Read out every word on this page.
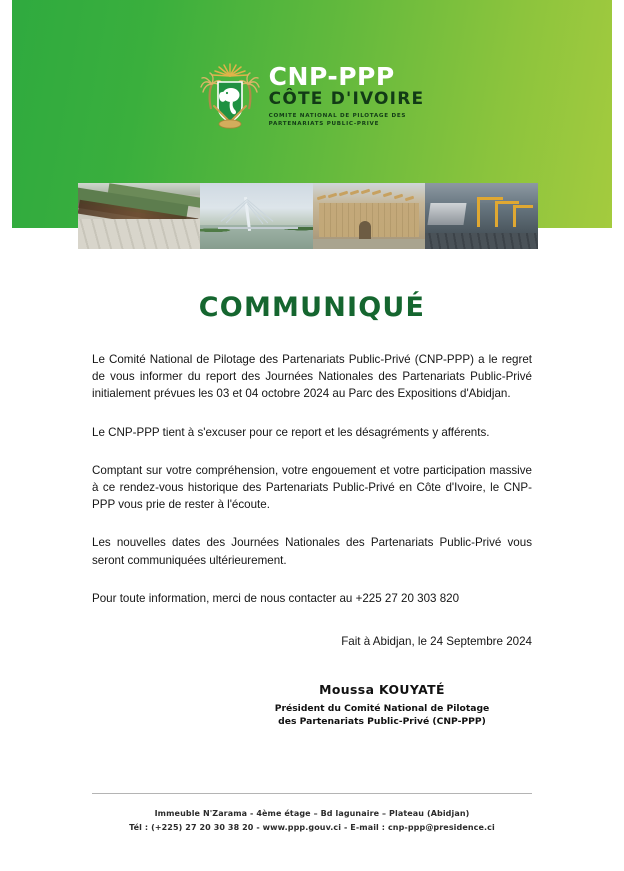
CNP-PPP
CÔTE D'IVOIRE
COMITE NATIONAL DE PILOTAGE DES
PARTENARIATS PUBLIC-PRIVE
COMMUNIQUÉ

Le Comité National de Pilotage des Partenariats Public-Privé (CNP-PPP) a le regret de vous informer du report des Journées Nationales des Partenariats Public-Privé initialement prévues les 03 et 04 octobre 2024 au Parc des Expositions d'Abidjan.

Le CNP-PPP tient à s'excuser pour ce report et les désagréments y afférents.

Comptant sur votre compréhension, votre engouement et votre participation massive à ce rendez-vous historique des Partenariats Public-Privé en Côte d'Ivoire, le CNP-PPP vous prie de rester à l'écoute.

Les nouvelles dates des Journées Nationales des Partenariats Public-Privé vous seront communiquées ultérieurement.

Pour toute information, merci de nous contacter au +225 27 20 303 820

Fait à Abidjan, le 24 Septembre 2024
Moussa KOUYATÉ
Président du Comité National de Pilotage
des Partenariats Public-Privé (CNP-PPP)
Immeuble N'Zarama - 4ème étage – Bd lagunaire – Plateau (Abidjan)
Tél : (+225) 27 20 30 38 20 - www.ppp.gouv.ci - E-mail : cnp-ppp@presidence.ci
